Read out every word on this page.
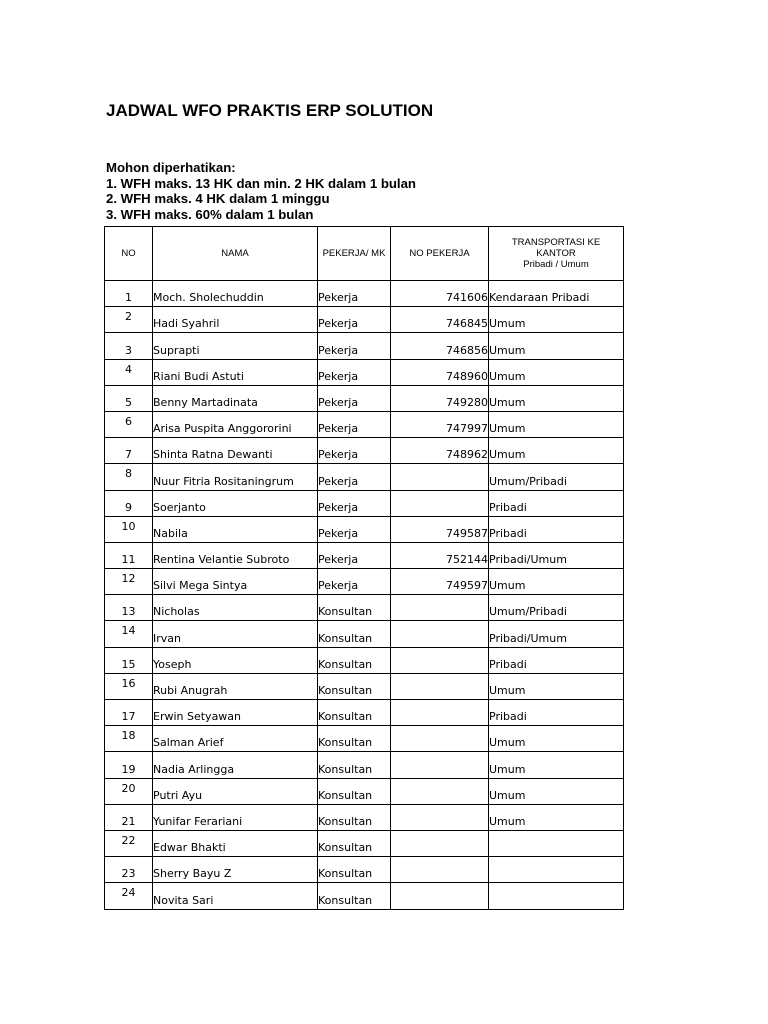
JADWAL WFO PRAKTIS ERP SOLUTION
Mohon diperhatikan:
1. WFH maks. 13 HK dan min. 2 HK dalam 1 bulan
2. WFH maks. 4 HK dalam 1 minggu
3. WFH maks. 60% dalam 1 bulan
NO	NAMA	PEKERJA/ MK	NO PEKERJA	TRANSPORTASI KE
KANTOR
Pribadi / Umum

1	Moch. Sholechuddin	Pekerja	741606	Kendaraan Pribadi
2	Hadi Syahril	Pekerja	746845	Umum
3	Suprapti	Pekerja	746856	Umum
4	Riani Budi Astuti	Pekerja	748960	Umum
5	Benny Martadinata	Pekerja	749280	Umum
6	Arisa Puspita Anggororini	Pekerja	747997	Umum
7	Shinta Ratna Dewanti	Pekerja	748962	Umum
8	Nuur Fitria Rositaningrum	Pekerja		Umum/Pribadi
9	Soerjanto	Pekerja		Pribadi
10	Nabila	Pekerja	749587	Pribadi
11	Rentina Velantie Subroto	Pekerja	752144	Pribadi/Umum
12	Silvi Mega Sintya	Pekerja	749597	Umum
13	Nicholas	Konsultan		Umum/Pribadi
14	Irvan	Konsultan		Pribadi/Umum
15	Yoseph	Konsultan		Pribadi
16	Rubi Anugrah	Konsultan		Umum
17	Erwin Setyawan	Konsultan		Pribadi
18	Salman Arief	Konsultan		Umum
19	Nadia Arlingga	Konsultan		Umum
20	Putri Ayu	Konsultan		Umum
21	Yunifar Ferariani	Konsultan		Umum
22	Edwar Bhakti	Konsultan		
23	Sherry Bayu Z	Konsultan		
24	Novita Sari	Konsultan		
